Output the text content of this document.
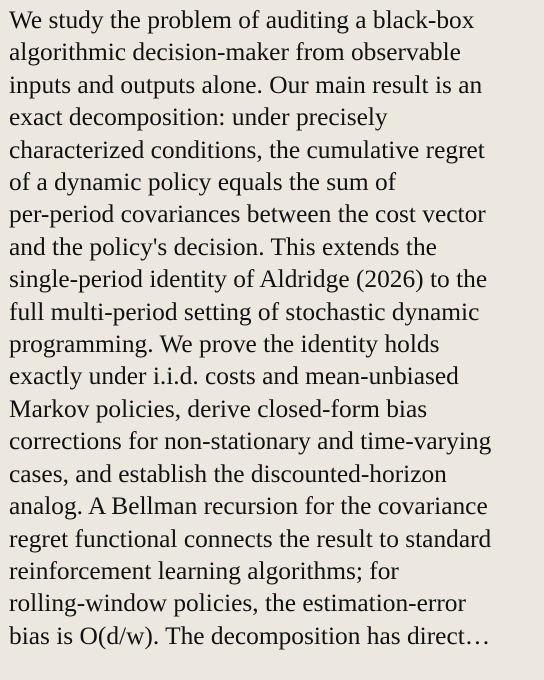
We study the problem of auditing a black-box
algorithmic decision-maker from observable
inputs and outputs alone. Our main result is an
exact decomposition: under precisely
characterized conditions, the cumulative regret
of a dynamic policy equals the sum of
per-period covariances between the cost vector
and the policy's decision. This extends the
single-period identity of Aldridge (2026) to the
full multi-period setting of stochastic dynamic
programming. We prove the identity holds
exactly under i.i.d. costs and mean-unbiased
Markov policies, derive closed-form bias
corrections for non-stationary and time-varying
cases, and establish the discounted-horizon
analog. A Bellman recursion for the covariance
regret functional connects the result to standard
reinforcement learning algorithms; for
rolling-window policies, the estimation-error
bias is O(d/w). The decomposition has direct…
